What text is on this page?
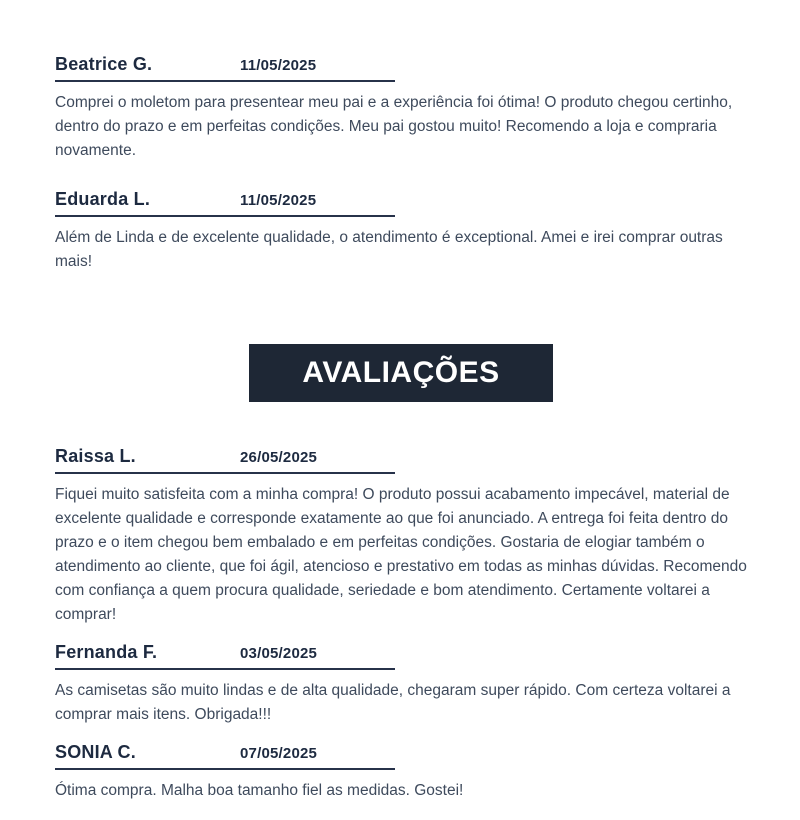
Beatrice G.	11/05/2025
Comprei o moletom para presentear meu pai e a experiência foi ótima! O produto chegou certinho, dentro do prazo e em perfeitas condições. Meu pai gostou muito! Recomendo a loja e compraria novamente.
Eduarda L.	11/05/2025
Além de Linda e de excelente qualidade, o atendimento é exceptional. Amei e irei comprar outras mais!
AVALIAÇÕES
Raissa L.	26/05/2025
Fiquei muito satisfeita com a minha compra! O produto possui acabamento impecável, material de excelente qualidade e corresponde exatamente ao que foi anunciado. A entrega foi feita dentro do prazo e o item chegou bem embalado e em perfeitas condições. Gostaria de elogiar também o atendimento ao cliente, que foi ágil, atencioso e prestativo em todas as minhas dúvidas. Recomendo com confiança a quem procura qualidade, seriedade e bom atendimento. Certamente voltarei a comprar!
Fernanda F.	03/05/2025
As camisetas são muito lindas e de alta qualidade, chegaram super rápido. Com certeza voltarei a comprar mais itens. Obrigada!!!
SONIA C.	07/05/2025
Ótima compra. Malha boa tamanho fiel as medidas. Gostei!
